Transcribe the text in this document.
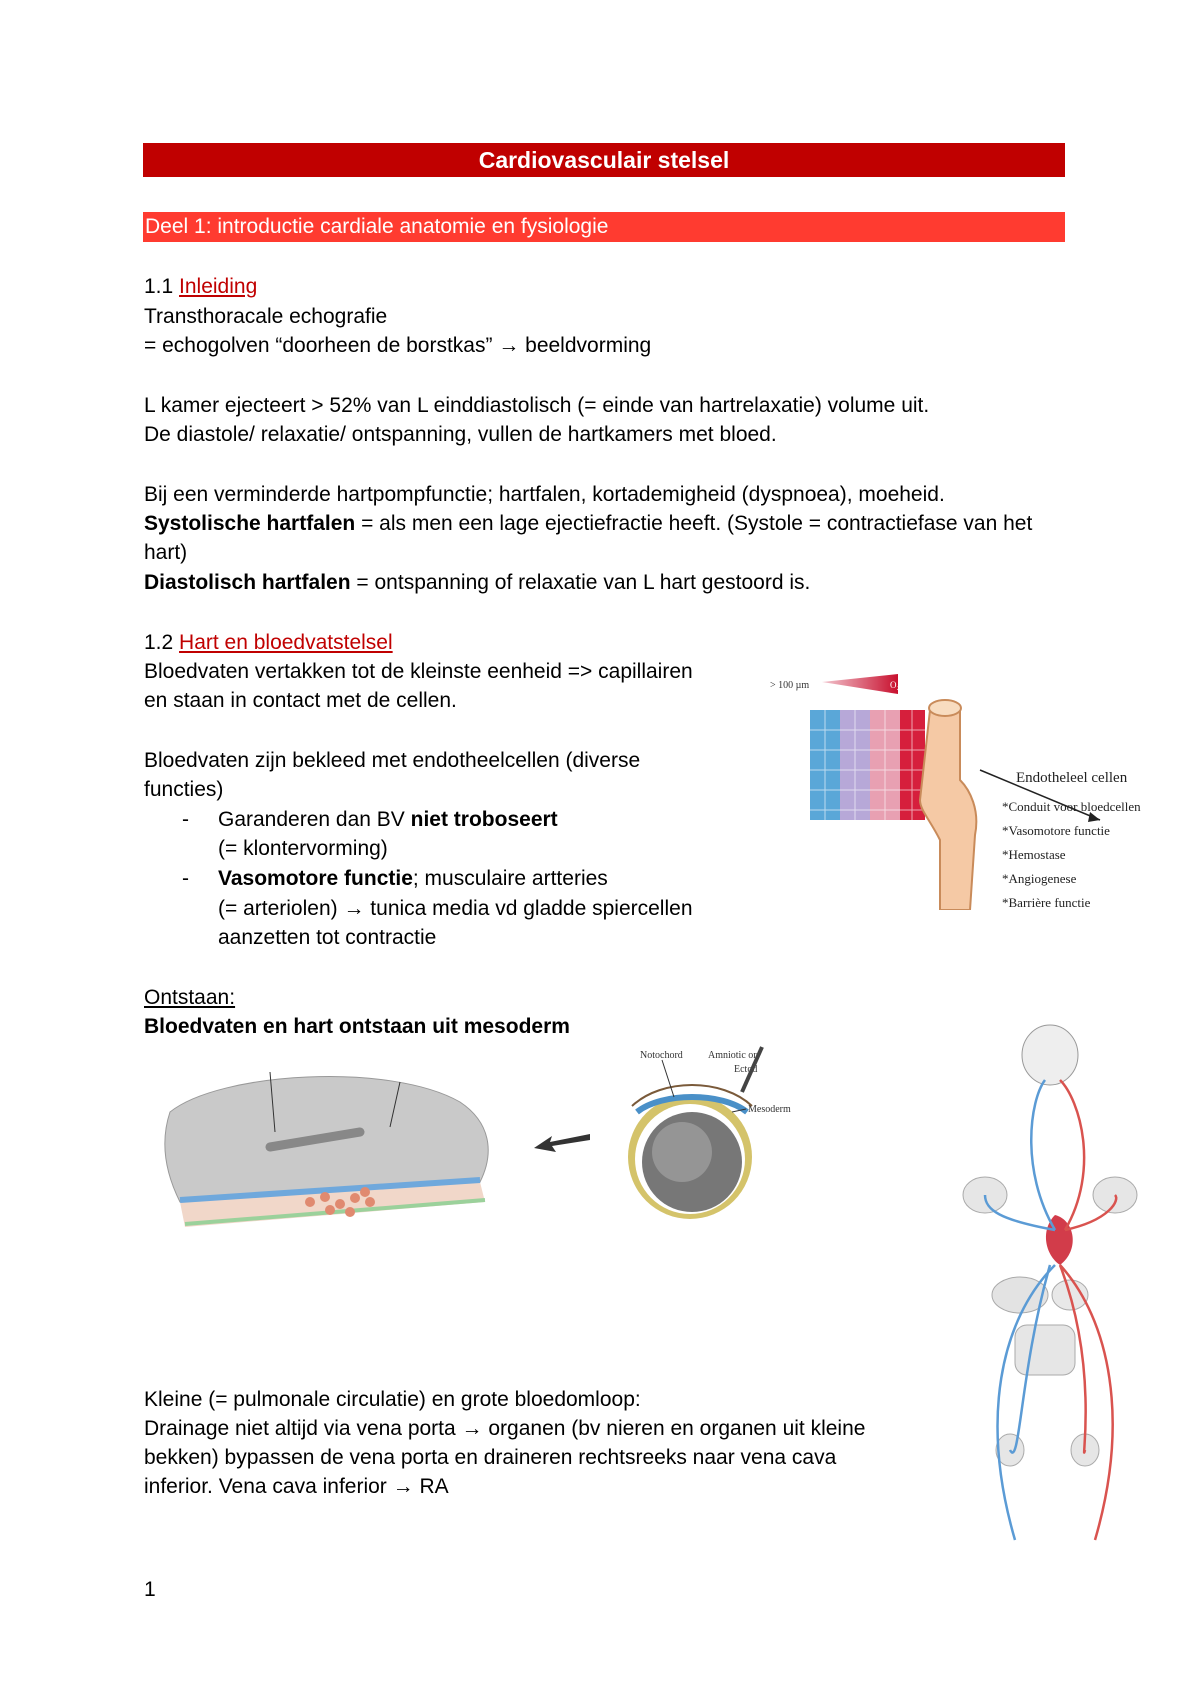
Cardiovasculair stelsel
Deel 1: introductie cardiale anatomie en fysiologie
1.1 Inleiding
Transthoracale echografie
= echogolven “doorheen de borstkas” → beeldvorming
L kamer ejecteert > 52% van L einddiastolisch (= einde van hartrelaxatie) volume uit.
De diastole/ relaxatie/ ontspanning, vullen de hartkamers met bloed.
Bij een verminderde hartpompfunctie; hartfalen, kortademigheid (dyspnoea), moeheid.
Systolische hartfalen = als men een lage ejectiefractie heeft. (Systole = contractiefase van het
hart)
Diastolisch hartfalen = ontspanning of relaxatie van L hart gestoord is.
1.2 Hart en bloedvatstelsel
Bloedvaten vertakken tot de kleinste eenheid => capillairen
en staan in contact met de cellen.
Bloedvaten zijn bekleed met endotheelcellen (diverse
functies)
- Garanderen dan BV niet troboseert
(= klontervorming)
- Vasomotore functie; musculaire artteries
(= arteriolen) → tunica media vd gladde spiercellen
aanzetten tot contractie
> 100 µm	O₂
Endotheleel cellen
*Conduit voor bloedcellen
*Vasomotore functie
*Hemostase
*Angiogenese
*Barrière functie
Ontstaan:
Bloedvaten en hart ontstaan uit mesoderm
Notochord	Amniotic or
Ectod
Mesoderm
Kleine (= pulmonale circulatie) en grote bloedomloop:
Drainage niet altijd via vena porta → organen (bv nieren en organen uit kleine
bekken) bypassen de vena porta en draineren rechtsreeks naar vena cava
inferior. Vena cava inferior → RA
1
